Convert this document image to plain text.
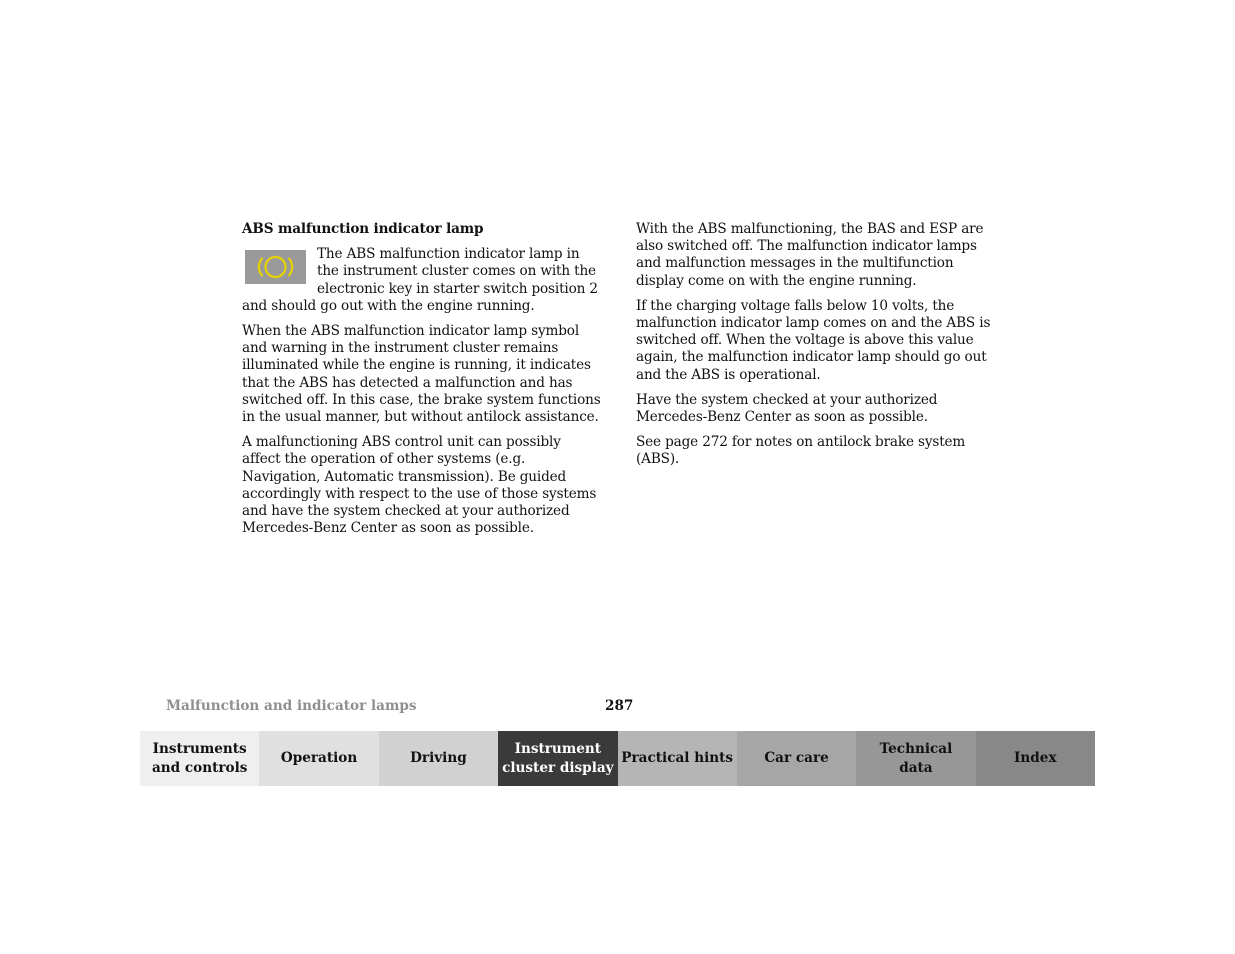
ABS malfunction indicator lamp

The ABS malfunction indicator lamp in the instrument cluster comes on with the electronic key in starter switch position 2 and should go out with the engine running.

When the ABS malfunction indicator lamp symbol and warning in the instrument cluster remains illuminated while the engine is running, it indicates that the ABS has detected a malfunction and has switched off. In this case, the brake system functions in the usual manner, but without antilock assistance.

A malfunctioning ABS control unit can possibly affect the operation of other systems (e.g. Navigation, Automatic transmission). Be guided accordingly with respect to the use of those systems and have the system checked at your authorized Mercedes-Benz Center as soon as possible.

With the ABS malfunctioning, the BAS and ESP are also switched off. The malfunction indicator lamps and malfunction messages in the multifunction display come on with the engine running.

If the charging voltage falls below 10 volts, the malfunction indicator lamp comes on and the ABS is switched off. When the voltage is above this value again, the malfunction indicator lamp should go out and the ABS is operational.

Have the system checked at your authorized Mercedes-Benz Center as soon as possible.

See page 272 for notes on antilock brake system (ABS).

Malfunction and indicator lamps	287
Instruments
and controls
Operation	Driving
Instrument
cluster display
Practical hints	Car care
Technical
data
Index
